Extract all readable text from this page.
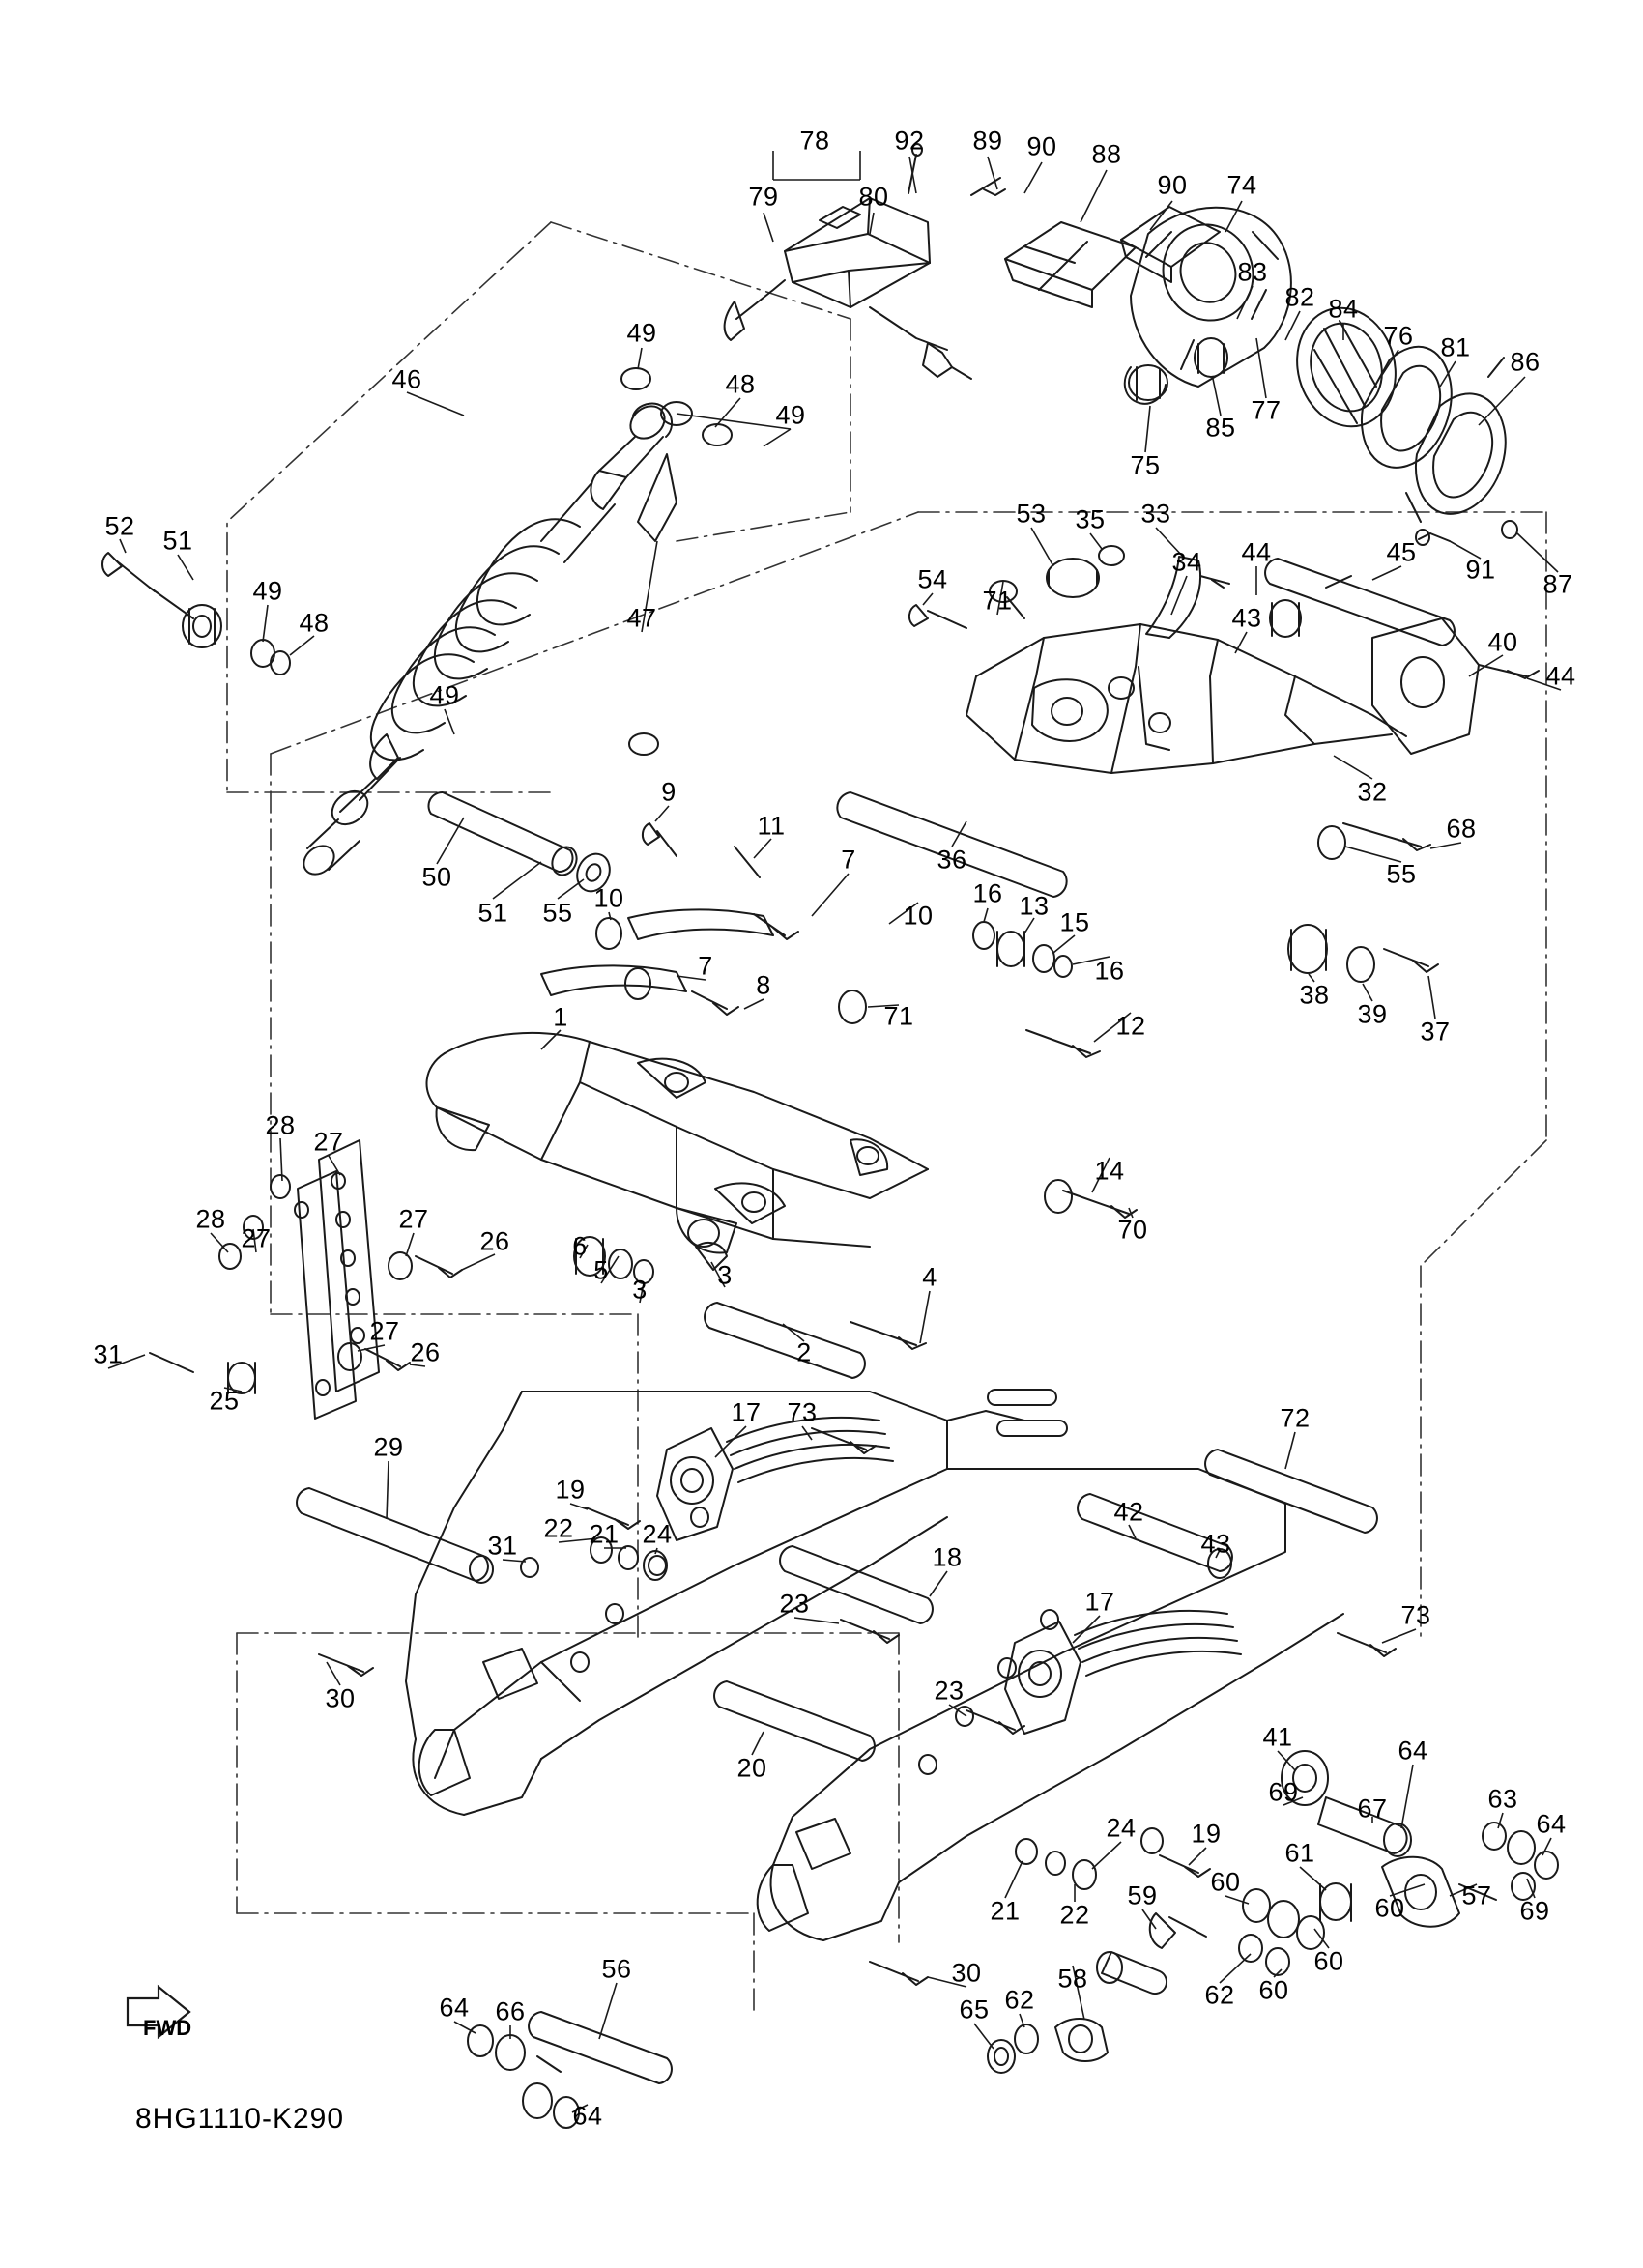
FWD
8HG1110-K290
78 92 89 90 88
79	80	90 74
83
84
82
76 81 86
75
85
77
87
91
49
48
49
46
52 51
49
48
49
47
50
51 55
53 35 33
34 44
43
45
40
44
54
71
36
32
68
55
38
39
37
9
11
7
10
10
7
8
16 13
15
16
12
71
1
14
70
28
27
28
27
27
26 6
5
3	3	4
27
26
31
25
2
29
17 73	72
19
22 21 24
31
42
43
18
23	17	73
23
30
20
41	64
69
67	63
64
24 19
61
60
60 57
69
21 22
59
60
62 60
58
65 62
30
56
64 66
64
